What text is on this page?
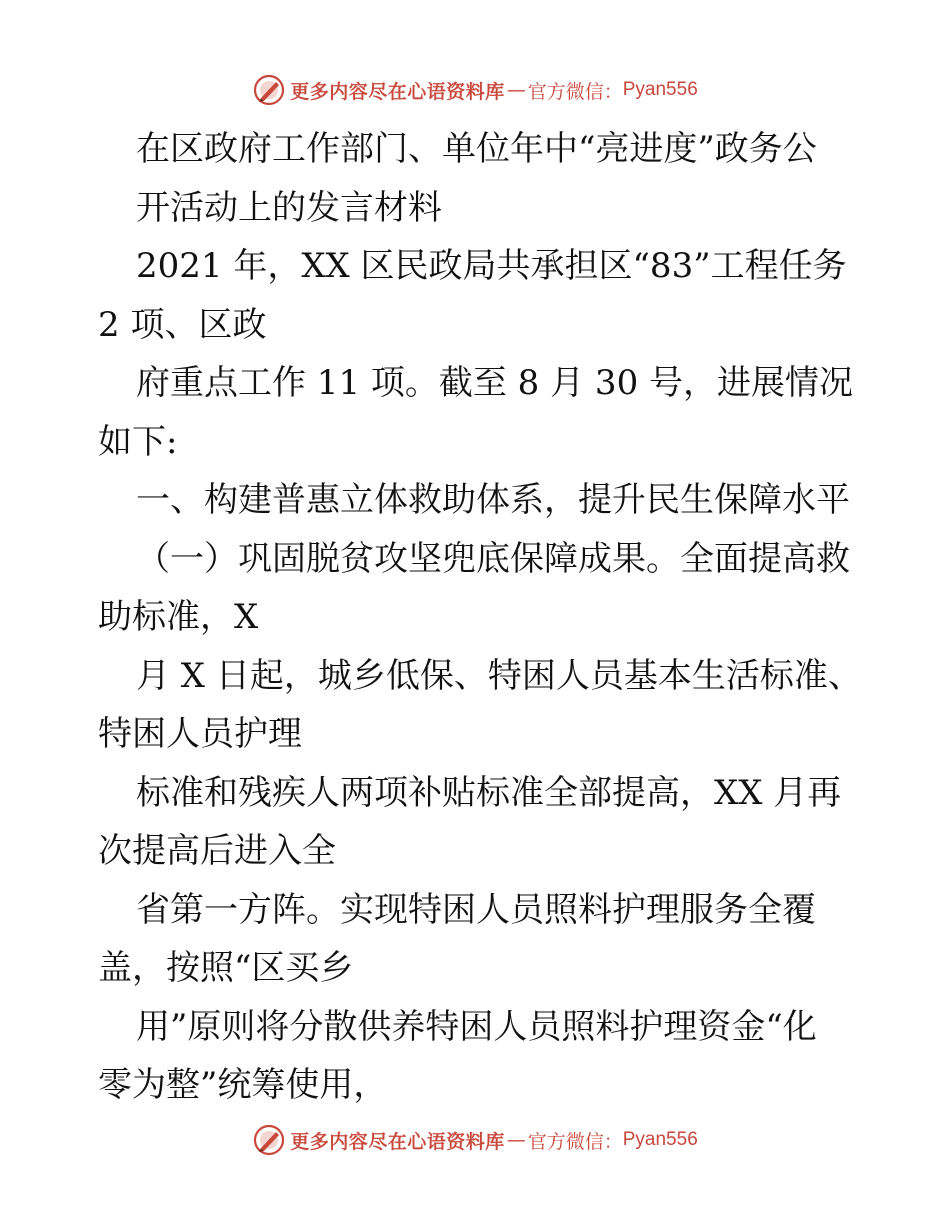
更多内容尽在心语资料库 — 官方微信： Pyan556
在区政府工作部门、单位年中“亮进度”政务公
开活动上的发言材料
2021 年，XX 区民政局共承担区“83”工程任务
2 项、区政
府重点工作 11 项。截至 8 月 30 号，进展情况
如下:
一、构建普惠立体救助体系，提升民生保障水平
（一）巩固脱贫攻坚兜底保障成果。全面提高救
助标准，X
月 X 日起，城乡低保、特困人员基本生活标准、
特困人员护理
标准和残疾人两项补贴标准全部提高，XX 月再
次提高后进入全
省第一方阵。实现特困人员照料护理服务全覆
盖，按照“区买乡
用”原则将分散供养特困人员照料护理资金“化
零为整”统筹使用，
更多内容尽在心语资料库 — 官方微信： Pyan556
